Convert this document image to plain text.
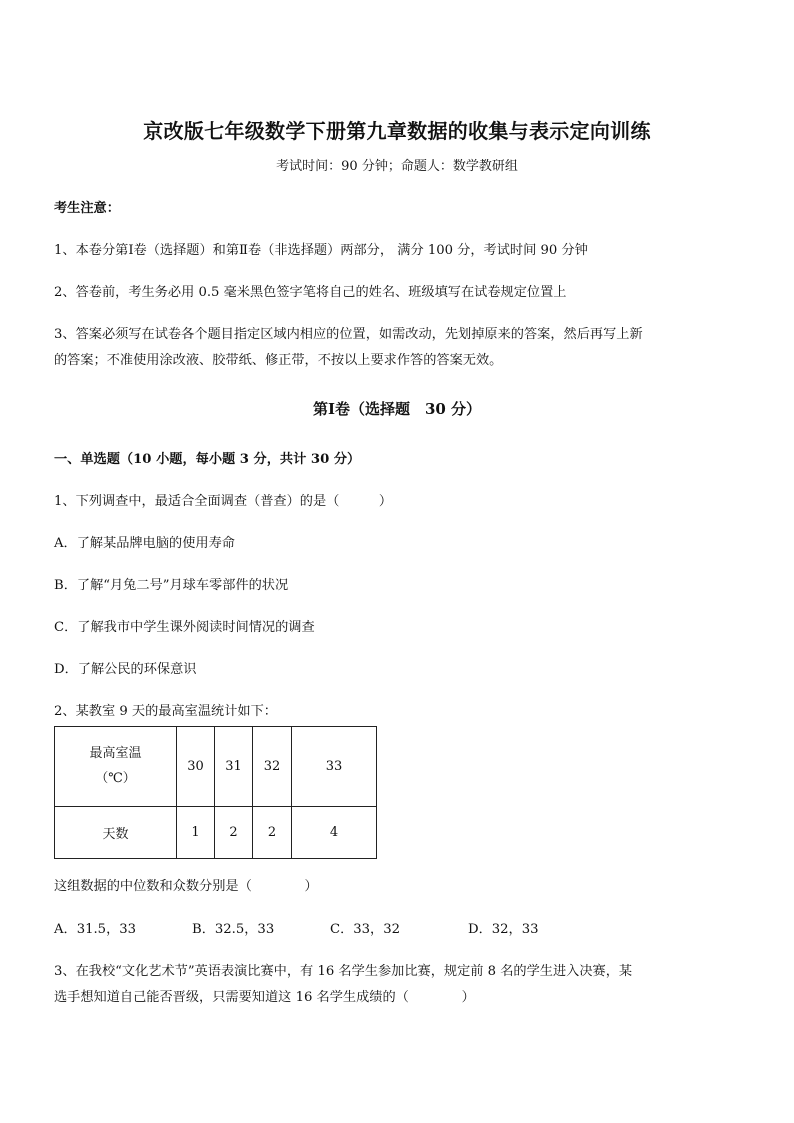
京改版七年级数学下册第九章数据的收集与表示定向训练
考试时间：90 分钟；命题人：数学教研组
考生注意：
1、本卷分第Ⅰ卷（选择题）和第Ⅱ卷（非选择题）两部分， 满分 100 分，考试时间 90 分钟
2、答卷前，考生务必用 0.5 毫米黑色签字笔将自己的姓名、班级填写在试卷规定位置上
3、答案必须写在试卷各个题目指定区域内相应的位置，如需改动，先划掉原来的答案，然后再写上新
的答案；不准使用涂改液、胶带纸、修正带，不按以上要求作答的答案无效。
第Ⅰ卷（选择题　30 分）
一、单选题（10 小题，每小题 3 分，共计 30 分）
1、下列调查中，最适合全面调查（普查）的是（　　　）
A．了解某品牌电脑的使用寿命
B．了解“月兔二号”月球车零部件的状况
C．了解我市中学生课外阅读时间情况的调查
D．了解公民的环保意识
2、某教室 9 天的最高室温统计如下：
最高室温
（℃）	30	31	32	33
天数	1	2	2	4
这组数据的中位数和众数分别是（　　　　）
A．31.5，33	B．32.5，33	C．33，32	D．32，33
3、在我校“文化艺术节”英语表演比赛中，有 16 名学生参加比赛，规定前 8 名的学生进入决赛，某
选手想知道自己能否晋级，只需要知道这 16 名学生成绩的（　　　　）
